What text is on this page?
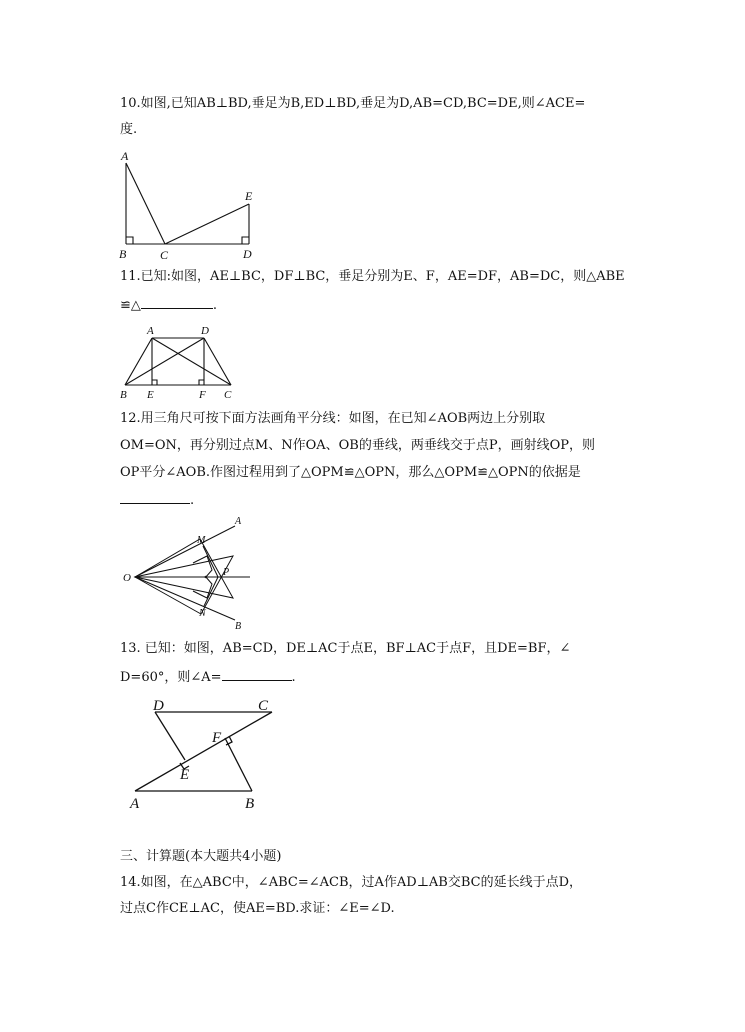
10.如图,已知AB⊥BD,垂足为B,ED⊥BD,垂足为D,AB=CD,BC=DE,则∠ACE=
度.
A
B	C	D
E
11.已知:如图，AE⊥BC，DF⊥BC，垂足分别为E、F，AE=DF，AB=DC，则△ABE
≌△	.
A	D
B E	F C
12.用三角尺可按下面方法画角平分线：如图，在已知∠AOB两边上分别取
OM=ON，再分别过点M、N作OA、OB的垂线，两垂线交于点P，画射线OP，则
OP平分∠AOB.作图过程用到了△OPM≌△OPN，那么△OPM≌△OPN的依据是
.
O
M
N
P
A
B
13. 已知：如图，AB=CD，DE⊥AC于点E，BF⊥AC于点F，且DE=BF，∠
D=60°，则∠A=	.
D	C
F
E
A	B
三、计算题(本大题共4小题)
14.如图，在△ABC中，∠ABC=∠ACB，过A作AD⊥AB交BC的延长线于点D，
过点C作CE⊥AC，使AE=BD.求证：∠E=∠D.
